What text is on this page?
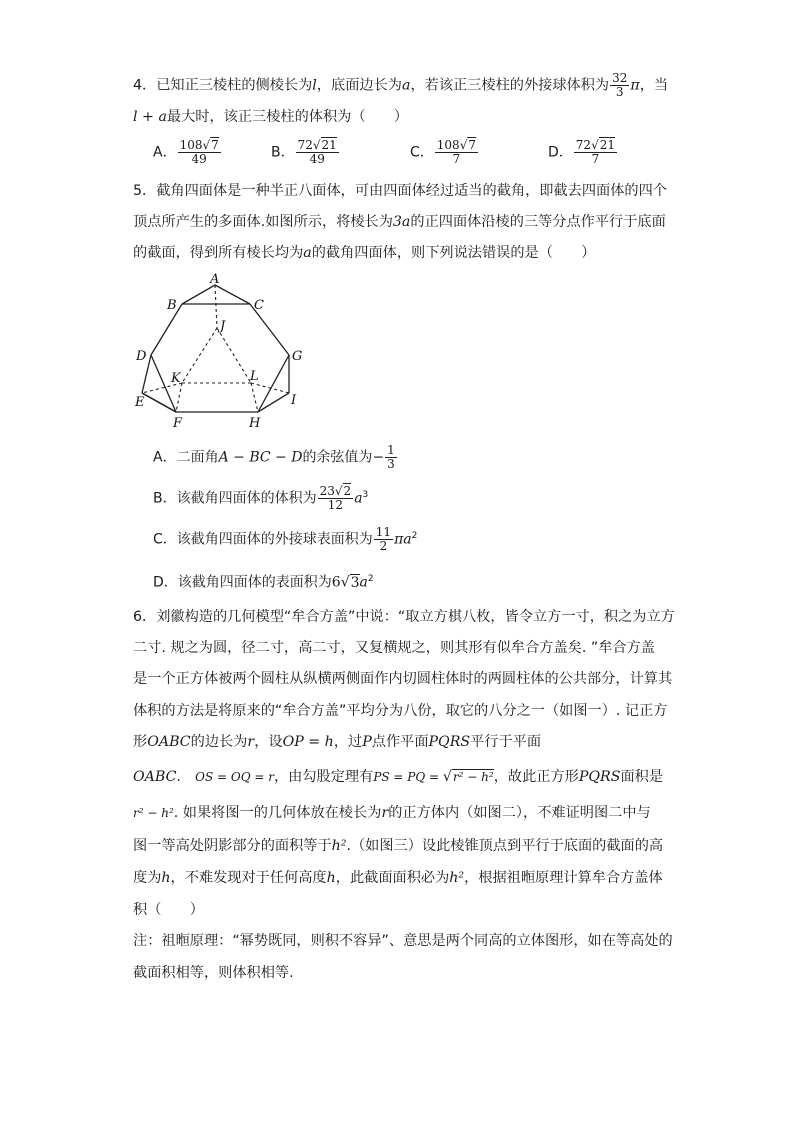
4．已知正三棱柱的侧棱长为l，底面边长为a，若该正三棱柱的外接球体积为 $\frac{32}{3}$ π，当
l + a最大时，该正三棱柱的体积为（　　）
A． $\frac{108√7}{49}$	B． $\frac{72√21}{49}$	C． $\frac{108√7}{7}$	D． $\frac{72√21}{7}$
5．截角四面体是一种半正八面体，可由四面体经过适当的截角，即截去四面体的四个
顶点所产生的多面体.如图所示，将棱长为3a的正四面体沿棱的三等分点作平行于底面
的截面，得到所有棱长均为a的截角四面体，则下列说法错误的是（　　）
A
B	C
J
D	G
K	L
E	I
F	H
A．二面角A − BC − D的余弦值为− $\frac{1}{3}$
B．该截角四面体的体积为 $\frac{23√2}{12} a^3$
C．该截角四面体的外接球表面积为 $\frac{11}{2} \pi a^2$
D．该截角四面体的表面积为$6√3a^2$
6．刘徽构造的几何模型“牟合方盖”中说：“取立方棋八枚，皆令立方一寸，积之为立方
二寸. 规之为圆，径二寸，高二寸，又复横规之，则其形有似牟合方盖矣. ”牟合方盖
是一个正方体被两个圆柱从纵横两侧面作内切圆柱体时的两圆柱体的公共部分，计算其
体积的方法是将原来的“牟合方盖”平均分为八份，取它的八分之一（如图一）. 记正方
形OABC的边长为r，设OP = h，过P点作平面PQRS平行于平面
OABC.　 OS = OQ = r，由勾股定理有PS = PQ = √r² − h²，故此正方形PQRS面积是
r² − h². 如果将图一的几何体放在棱长为r的正方体内（如图二），不难证明图二中与
图一等高处阴影部分的面积等于h².（如图三）设此棱锥顶点到平行于底面的截面的高
度为h，不难发现对于任何高度h，此截面面积必为h²，根据祖暅原理计算牟合方盖体
积（　　）
注：祖暅原理：“幂势既同，则积不容异”、意思是两个同高的立体图形，如在等高处的
截面积相等，则体积相等.
